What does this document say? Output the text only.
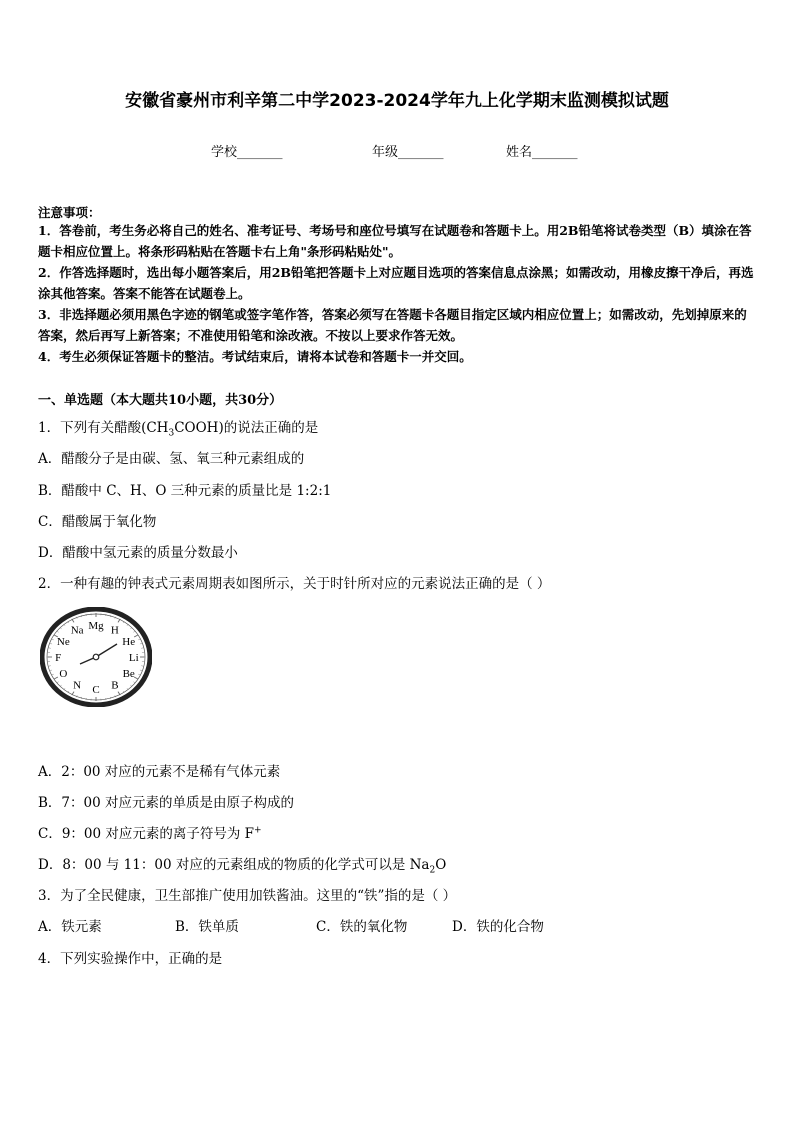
安徽省豪州市利辛第二中学2023-2024学年九上化学期末监测模拟试题
学校_______	年级_______	姓名_______
注意事项：
1．答卷前，考生务必将自己的姓名、准考证号、考场号和座位号填写在试题卷和答题卡上。用2B铅笔将试卷类型（B）填涂在答题卡相应位置上。将条形码粘贴在答题卡右上角"条形码粘贴处"。
2．作答选择题时，选出每小题答案后，用2B铅笔把答题卡上对应题目选项的答案信息点涂黑；如需改动，用橡皮擦干净后，再选涂其他答案。答案不能答在试题卷上。
3．非选择题必须用黑色字迹的钢笔或签字笔作答，答案必须写在答题卡各题目指定区域内相应位置上；如需改动，先划掉原来的答案，然后再写上新答案；不准使用铅笔和涂改液。不按以上要求作答无效。
4．考生必须保证答题卡的整洁。考试结束后，请将本试卷和答题卡一并交回。
一、单选题（本大题共10小题，共30分）
1．下列有关醋酸$(CH_3COOH)$的说法正确的是
A．醋酸分子是由碳、氢、氧三种元素组成的
B．醋酸中 C、H、O 三种元素的质量比是 1:2:1
C．醋酸属于氧化物
D．醋酸中氢元素的质量分数最小
2．一种有趣的钟表式元素周期表如图所示，关于时针所对应的元素说法正确的是（ ）
H
He
Li
Be
B
C
N
O
F
Ne
Na Mg
A．2：00 对应的元素不是稀有气体元素
B．7：00 对应元素的单质是由原子构成的
C．9：00 对应元素的离子符号为 F+
D．8：00 与 11：00 对应的元素组成的物质的化学式可以是 $Na_2O$
3．为了全民健康，卫生部推广使用加铁酱油。这里的“铁”指的是（ ）
A．铁元素	B．铁单质	C．铁的氧化物	D．铁的化合物
4．下列实验操作中，正确的是
